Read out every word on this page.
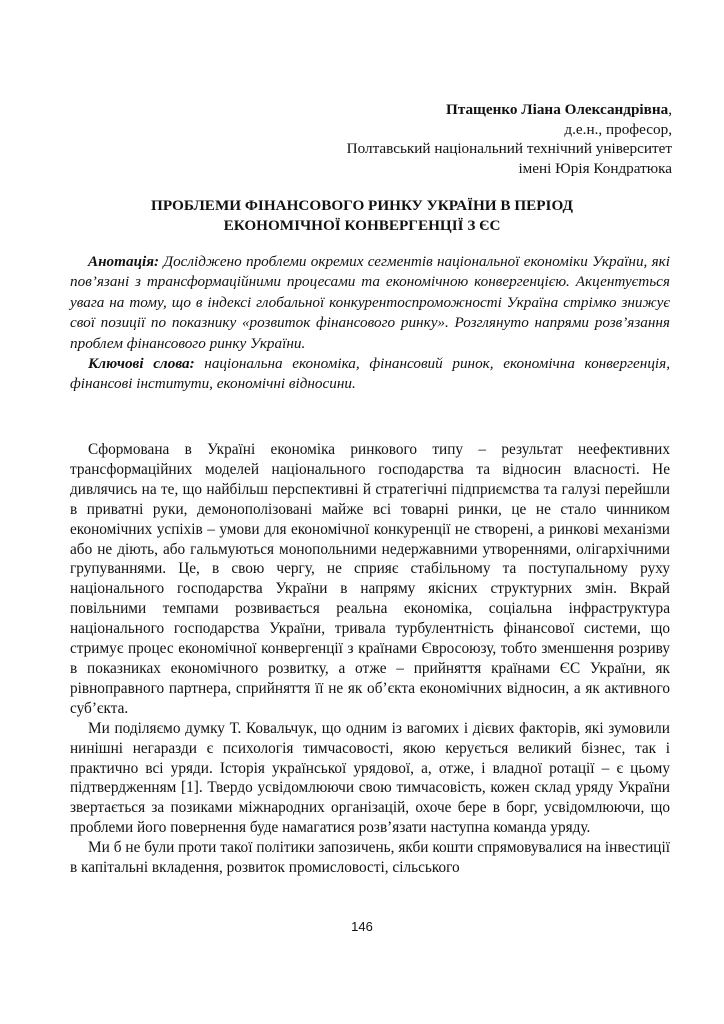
Птащенко Ліана Олександрівна,
д.е.н., професор,
Полтавський національний технічний університет
імені Юрія Кондратюка
ПРОБЛЕМИ ФІНАНСОВОГО РИНКУ УКРАЇНИ В ПЕРІОД
ЕКОНОМІЧНОЇ КОНВЕРГЕНЦІЇ З ЄС

Анотація: Досліджено проблеми окремих сегментів національної економіки України, які пов’язані з трансформаційними процесами та економічною конвергенцією. Акцентується увага на тому, що в індексі глобальної конкурентоспроможності Україна стрімко знижує свої позиції по показнику «розвиток фінансового ринку». Розглянуто напрями розв’язання проблем фінансового ринку України.

Ключові слова: національна економіка, фінансовий ринок, економічна конвергенція, фінансові інститути, економічні відносини.

Сформована в Україні економіка ринкового типу – результат неефективних трансформаційних моделей національного господарства та відносин власності. Не дивлячись на те, що найбільш перспективні й стратегічні підприємства та галузі перейшли в приватні руки, демонополізовані майже всі товарні ринки, це не стало чинником економічних успіхів – умови для економічної конкуренції не створені, а ринкові механізми або не діють, або гальмуються монопольними недержавними утвореннями, олігархічними групуваннями. Це, в свою чергу, не сприяє стабільному та поступальному руху національного господарства України в напряму якісних структурних змін. Вкрай повільними темпами розвивається реальна економіка, соціальна інфраструктура національного господарства України, тривала турбулентність фінансової системи, що стримує процес економічної конвергенції з країнами Євросоюзу, тобто зменшення розриву в показниках економічного розвитку, а отже – прийняття країнами ЄС України, як рівноправного партнера, сприйняття її не як об’єкта економічних відносин, а як активного суб’єкта.

Ми поділяємо думку Т. Ковальчук, що одним із вагомих і дієвих факторів, які зумовили нинішні негаразди є психологія тимчасовості, якою керується великий бізнес, так і практично всі уряди. Історія української урядової, а, отже, і владної ротації – є цьому підтвердженням [1]. Твердо усвідомлюючи свою тимчасовість, кожен склад уряду України звертається за позиками міжнародних організацій, охоче бере в борг, усвідомлюючи, що проблеми його повернення буде намагатися розв’язати наступна команда уряду.

Ми б не були проти такої політики запозичень, якби кошти спрямовувалися на інвестиції в капітальні вкладення, розвиток промисловості, сільського

146
